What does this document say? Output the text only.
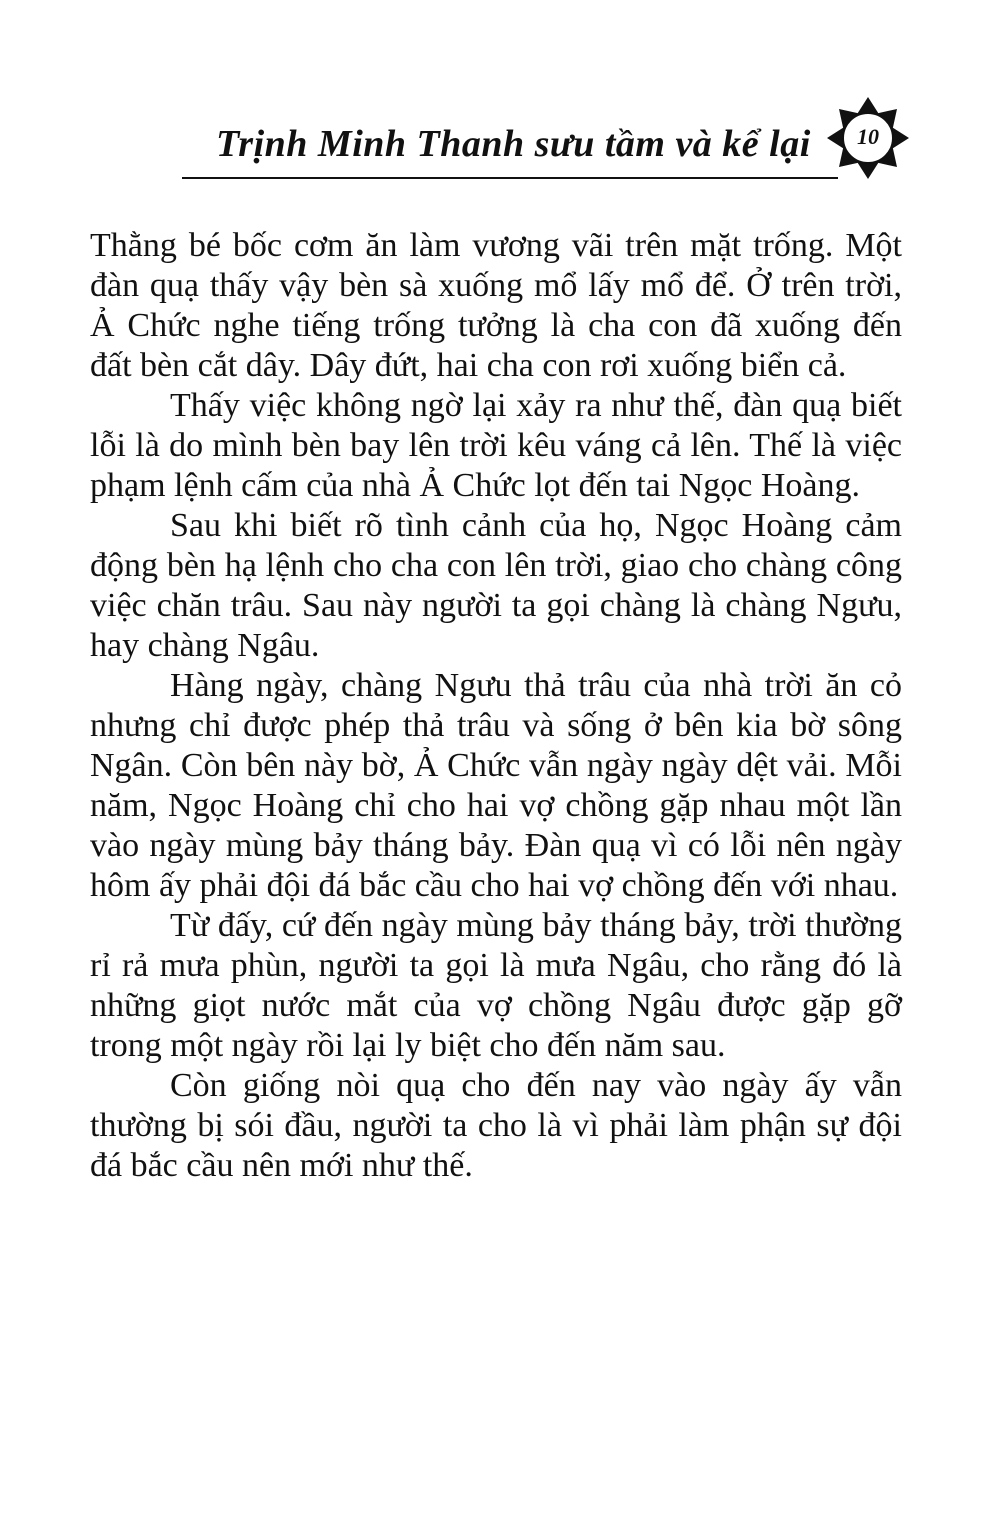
Trịnh Minh Thanh sưu tầm và kể lại	10

Thằng bé bốc cơm ăn làm vương vãi trên mặt trống. Một đàn quạ thấy vậy bèn sà xuống mổ lấy mổ để. Ở trên trời, Ả Chức nghe tiếng trống tưởng là cha con đã xuống đến đất bèn cắt dây. Dây đứt, hai cha con rơi xuống biển cả.

Thấy việc không ngờ lại xảy ra như thế, đàn quạ biết lỗi là do mình bèn bay lên trời kêu váng cả lên. Thế là việc phạm lệnh cấm của nhà Ả Chức lọt đến tai Ngọc Hoàng.

Sau khi biết rõ tình cảnh của họ, Ngọc Hoàng cảm động bèn hạ lệnh cho cha con lên trời, giao cho chàng công việc chăn trâu. Sau này người ta gọi chàng là chàng Ngưu, hay chàng Ngâu.

Hàng ngày, chàng Ngưu thả trâu của nhà trời ăn cỏ nhưng chỉ được phép thả trâu và sống ở bên kia bờ sông Ngân. Còn bên này bờ, Ả Chức vẫn ngày ngày dệt vải. Mỗi năm, Ngọc Hoàng chỉ cho hai vợ chồng gặp nhau một lần vào ngày mùng bảy tháng bảy. Đàn quạ vì có lỗi nên ngày hôm ấy phải đội đá bắc cầu cho hai vợ chồng đến với nhau.

Từ đấy, cứ đến ngày mùng bảy tháng bảy, trời thường rỉ rả mưa phùn, người ta gọi là mưa Ngâu, cho rằng đó là những giọt nước mắt của vợ chồng Ngâu được gặp gỡ trong một ngày rồi lại ly biệt cho đến năm sau.

Còn giống nòi quạ cho đến nay vào ngày ấy vẫn thường bị sói đầu, người ta cho là vì phải làm phận sự đội đá bắc cầu nên mới như thế.
